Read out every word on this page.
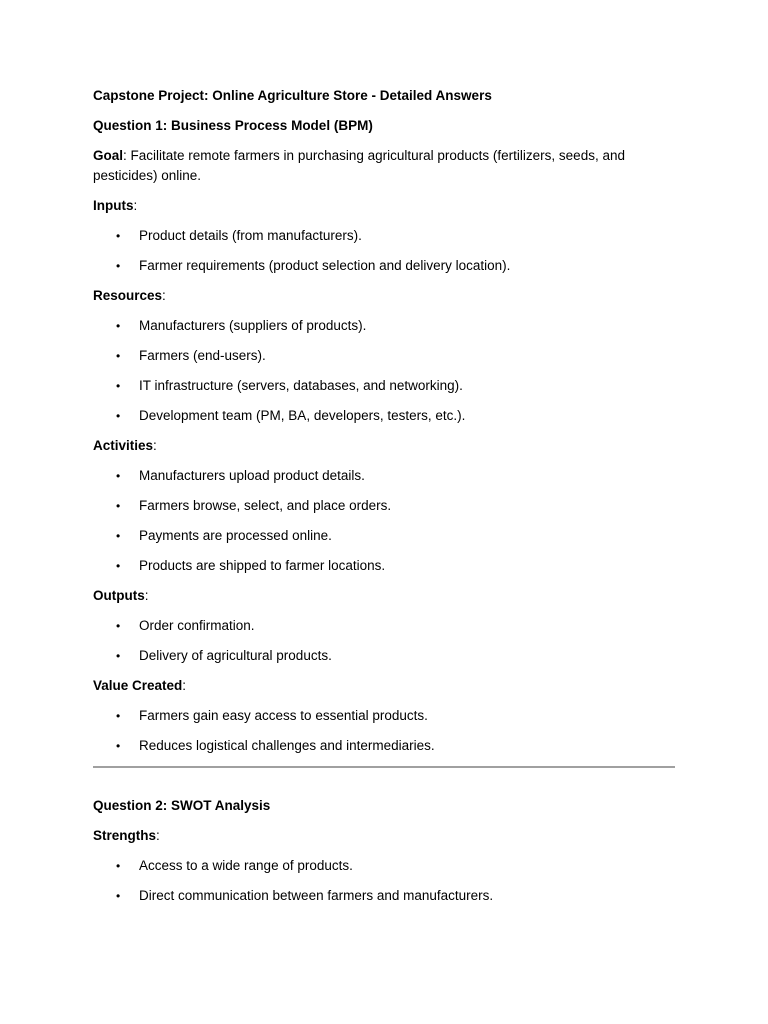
Capstone Project: Online Agriculture Store - Detailed Answers

Question 1: Business Process Model (BPM)

Goal: Facilitate remote farmers in purchasing agricultural products (fertilizers, seeds, and pesticides) online.

Inputs:

• Product details (from manufacturers).
• Farmer requirements (product selection and delivery location).

Resources:

• Manufacturers (suppliers of products).
• Farmers (end-users).
• IT infrastructure (servers, databases, and networking).
• Development team (PM, BA, developers, testers, etc.).

Activities:

• Manufacturers upload product details.
• Farmers browse, select, and place orders.
• Payments are processed online.
• Products are shipped to farmer locations.

Outputs:

• Order confirmation.
• Delivery of agricultural products.

Value Created:

• Farmers gain easy access to essential products.
• Reduces logistical challenges and intermediaries.

Question 2: SWOT Analysis

Strengths:

• Access to a wide range of products.
• Direct communication between farmers and manufacturers.
